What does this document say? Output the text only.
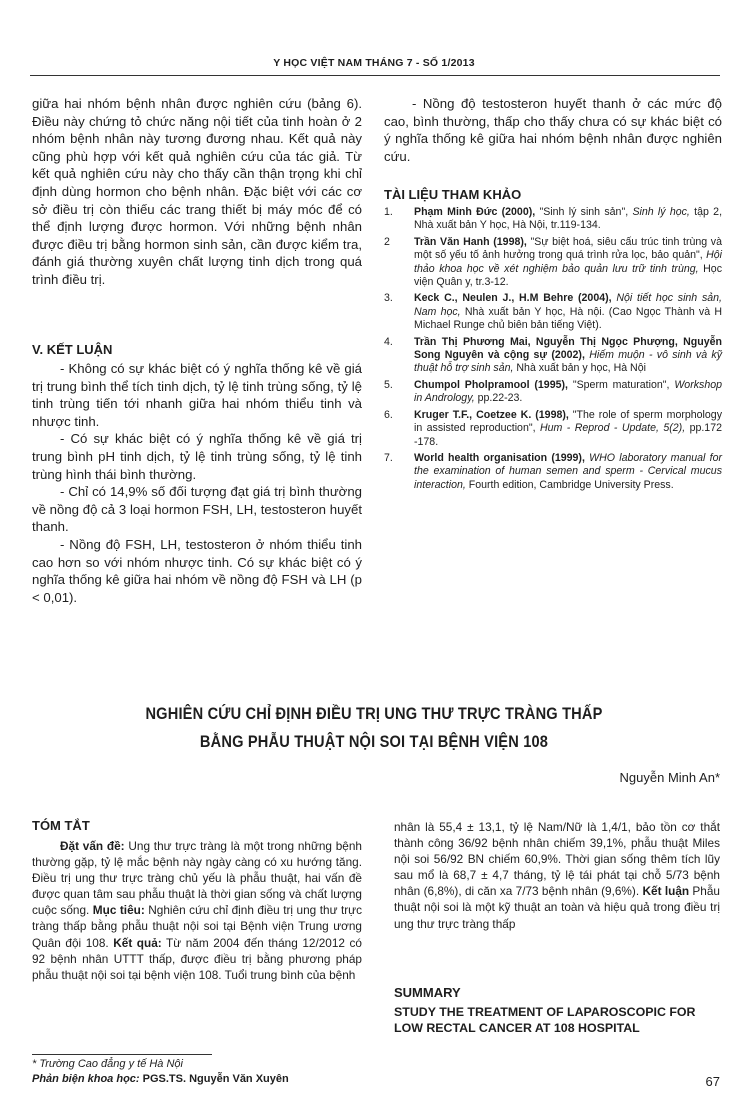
Y HỌC VIỆT NAM THÁNG 7 - SỐ 1/2013

giữa hai nhóm bệnh nhân được nghiên cứu (bảng 6). Điều này chứng tỏ chức năng nội tiết của tinh hoàn ở 2 nhóm bệnh nhân này tương đương nhau. Kết quả này cũng phù hợp với kết quả nghiên cứu của tác giả. Từ kết quả nghiên cứu này cho thấy cần thận trọng khi chỉ định dùng hormon cho bệnh nhân. Đặc biệt với các cơ sở điều trị còn thiếu các trang thiết bị máy móc để có thể định lượng được hormon. Với những bệnh nhân được điều trị bằng hormon sinh sản, cần được kiểm tra, đánh giá thường xuyên chất lượng tinh dịch trong quá trình điều trị.

V. KẾT LUẬN

- Không có sự khác biệt có ý nghĩa thống kê về giá trị trung bình thể tích tinh dịch, tỷ lệ tinh trùng sống, tỷ lệ tinh trùng tiến tới nhanh giữa hai nhóm thiểu tinh và nhược tinh.

- Có sự khác biệt có ý nghĩa thống kê về giá trị trung bình pH tinh dịch, tỷ lệ tinh trùng sống, tỷ lệ tinh trùng hình thái bình thường.

- Chỉ có 14,9% số đối tượng đạt giá trị bình thường về nồng độ cả 3 loại hormon FSH, LH, testosteron huyết thanh.

- Nồng độ FSH, LH, testosteron ở nhóm thiểu tinh cao hơn so với nhóm nhược tinh. Có sự khác biệt có ý nghĩa thống kê giữa hai nhóm về nồng độ FSH và LH (p < 0,01).

- Nồng độ testosteron huyết thanh ở các mức độ cao, bình thường, thấp cho thấy chưa có sự khác biệt có ý nghĩa thống kê giữa hai nhóm bệnh nhân được nghiên cứu.

TÀI LIỆU THAM KHẢO
1.	Phạm Minh Đức (2000), "Sinh lý sinh sản", Sinh lý học, tập 2, Nhà xuất bản Y học, Hà Nội, tr.119-134.
2	Trần Văn Hanh (1998), "Sự biệt hoá, siêu cấu trúc tinh trùng và một số yếu tố ảnh hưởng trong quá trình rửa lọc, bảo quản", Hội thảo khoa học về xét nghiệm bảo quản lưu trữ tinh trùng, Học viện Quân y, tr.3-12.
3.	Keck C., Neulen J., H.M Behre (2004), Nội tiết học sinh sản, Nam học, Nhà xuất bản Y học, Hà nội. (Cao Ngọc Thành và H Michael Runge chủ biên bản tiếng Việt).
4.	Trần Thị Phương Mai, Nguyễn Thị Ngọc Phượng, Nguyễn Song Nguyên và cộng sự (2002), Hiếm muộn - vô sinh và kỹ thuật hỗ trợ sinh sản, Nhà xuất bản y học, Hà Nội
5.	Chumpol Pholpramool (1995), "Sperm maturation", Workshop in Andrology, pp.22-23.
6.	Kruger T.F., Coetzee K. (1998), "The role of sperm morphology in assisted reproduction", Hum - Reprod - Update, 5(2), pp.172 -178.
7.	World health organisation (1999), WHO laboratory manual for the examination of human semen and sperm - Cervical mucus interaction, Fourth edition, Cambridge University Press.
NGHIÊN CỨU CHỈ ĐỊNH ĐIỀU TRỊ UNG THƯ TRỰC TRÀNG THẤP
BẰNG PHẪU THUẬT NỘI SOI TẠI BỆNH VIỆN 108
Nguyễn Minh An*
TÓM TẮT

Đặt vấn đề: Ung thư trực tràng là một trong những bệnh thường gặp, tỷ lệ mắc bệnh này ngày càng có xu hướng tăng. Điều trị ung thư trực tràng chủ yếu là phẫu thuật, hai vấn đề được quan tâm sau phẫu thuật là thời gian sống và chất lượng cuộc sống. Mục tiêu: Nghiên cứu chỉ định điều trị ung thư trực tràng thấp bằng phẫu thuật nội soi tại Bệnh viện Trung ương Quân đội 108. Kết quả: Từ năm 2004 đến tháng 12/2012 có 92 bệnh nhân UTTT thấp, được điều trị bằng phương pháp phẫu thuật nội soi tại bệnh viện 108. Tuổi trung bình của bệnh

nhân là 55,4 ± 13,1, tỷ lệ Nam/Nữ là 1,4/1, bảo tồn cơ thắt thành công 36/92 bệnh nhân chiếm 39,1%, phẫu thuật Miles nội soi 56/92 BN chiếm 60,9%. Thời gian sống thêm tích lũy sau mổ là 68,7 ± 4,7 tháng, tỷ lệ tái phát tại chỗ 5/73 bệnh nhân (6,8%), di căn xa 7/73 bệnh nhân (9,6%). Kết luận Phẫu thuật nội soi là một kỹ thuật an toàn và hiệu quả trong điều trị ung thư trực tràng thấp

SUMMARY
STUDY THE TREATMENT OF LAPAROSCOPIC FOR LOW RECTAL CANCER AT 108 HOSPITAL
* Trường Cao đẳng y tế Hà Nội
Phản biện khoa học: PGS.TS. Nguyễn Văn Xuyên	67
